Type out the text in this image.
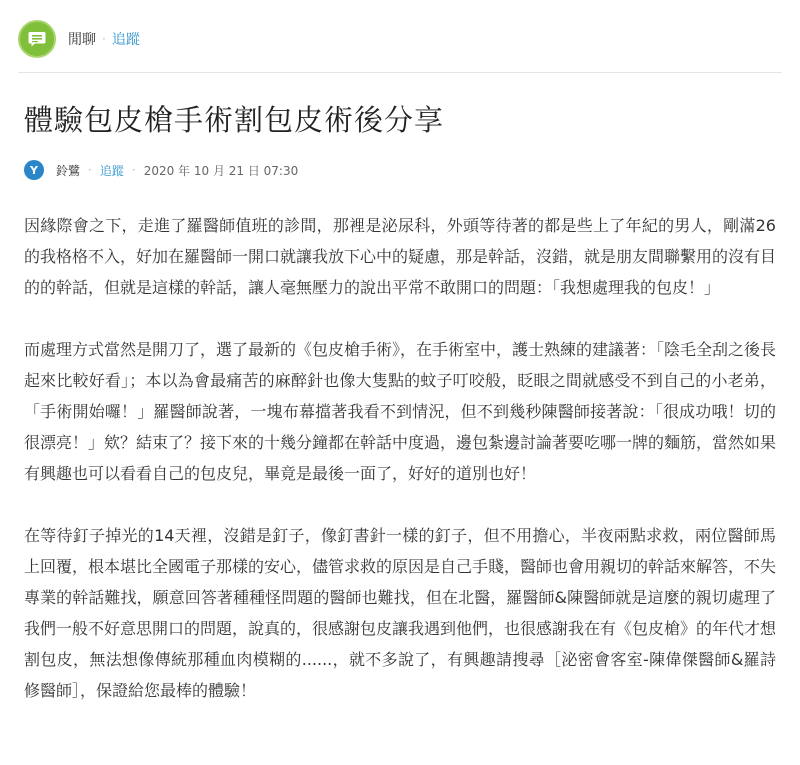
閒聊 · 追蹤
體驗包皮槍手術割包皮術後分享
Y	鈴鷺 · 追蹤 · 2020 年 10 月 21 日 07:30

因緣際會之下，走進了羅醫師值班的診間，那裡是泌尿科，外頭等待著的都是些上了年紀的男人，剛滿26的我格格不入，好加在羅醫師一開口就讓我放下心中的疑慮，那是幹話，沒錯，就是朋友間聯繫用的沒有目的的幹話，但就是這樣的幹話，讓人毫無壓力的說出平常不敢開口的問題：「我想處理我的包皮！」

而處理方式當然是開刀了，選了最新的《包皮槍手術》，在手術室中，護士熟練的建議著：「陰毛全刮之後長起來比較好看」；本以為會最痛苦的麻醉針也像大隻點的蚊子叮咬般，眨眼之間就感受不到自己的小老弟，「手術開始囉！」羅醫師說著，一塊布幕擋著我看不到情況，但不到幾秒陳醫師接著說：「很成功哦！切的很漂亮！」欸？結束了？接下來的十幾分鐘都在幹話中度過，邊包紮邊討論著要吃哪一牌的麵筋，當然如果有興趣也可以看看自己的包皮兒，畢竟是最後一面了，好好的道別也好！

在等待釘子掉光的14天裡，沒錯是釘子，像釘書針一樣的釘子，但不用擔心，半夜兩點求救，兩位醫師馬上回覆，根本堪比全國電子那樣的安心，儘管求救的原因是自己手賤，醫師也會用親切的幹話來解答，不失專業的幹話難找，願意回答著種種怪問題的醫師也難找，但在北醫，羅醫師&陳醫師就是這麼的親切處理了我們一般不好意思開口的問題，說真的，很感謝包皮讓我遇到他們，也很感謝我在有《包皮槍》的年代才想割包皮，無法想像傳統那種血肉模糊的......，就不多說了，有興趣請搜尋［泌密會客室-陳偉傑醫師&羅詩修醫師］，保證給您最棒的體驗！
